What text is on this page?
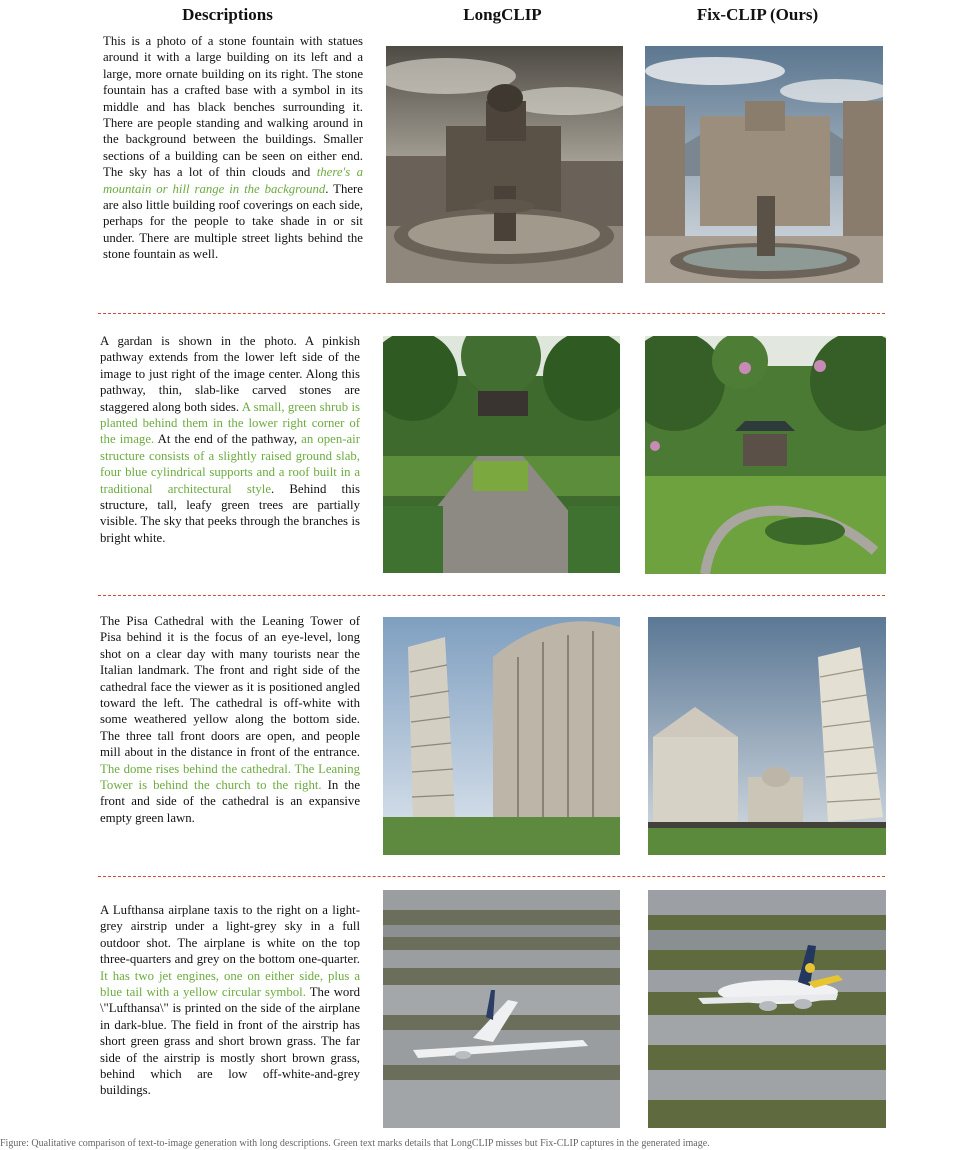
Descriptions	LongCLIP	Fix-CLIP (Ours)
This is a photo of a stone fountain with statues around it with a large building on its left and a large, more ornate building on its right. The stone fountain has a crafted base with a symbol in its middle and has black benches surrounding it. There are people standing and walking around in the background between the buildings. Smaller sections of a building can be seen on either end. The sky has a lot of thin clouds and there's a mountain or hill range in the background. There are also little building roof coverings on each side, perhaps for the people to take shade in or sit under. There are multiple street lights behind the stone fountain as well.
A gardan is shown in the photo. A pinkish pathway extends from the lower left side of the image to just right of the image center. Along this pathway, thin, slab-like carved stones are staggered along both sides. A small, green shrub is planted behind them in the lower right corner of the image. At the end of the pathway, an open-air structure consists of a slightly raised ground slab, four blue cylindrical supports and a roof built in a traditional architectural style. Behind this structure, tall, leafy green trees are partially visible. The sky that peeks through the branches is bright white.
The Pisa Cathedral with the Leaning Tower of Pisa behind it is the focus of an eye-level, long shot on a clear day with many tourists near the Italian landmark. The front and right side of the cathedral face the viewer as it is positioned angled toward the left. The cathedral is off-white with some weathered yellow along the bottom side. The three tall front doors are open, and people mill about in the distance in front of the entrance. The dome rises behind the cathedral. The Leaning Tower is behind the church to the right. In the front and side of the cathedral is an expansive empty green lawn.
A Lufthansa airplane taxis to the right on a light-grey airstrip under a light-grey sky in a full outdoor shot. The airplane is white on the top three-quarters and grey on the bottom one-quarter. It has two jet engines, one on either side, plus a blue tail with a yellow circular symbol. The word \"Lufthansa\" is printed on the side of the airplane in dark-blue. The field in front of the airstrip has short green grass and short brown grass. The far side of the airstrip is mostly short brown grass, behind which are low off-white-and-grey buildings.
Figure: Qualitative comparison of text-to-image generation with long descriptions. Green text marks details that LongCLIP misses but Fix-CLIP captures in the generated image.
